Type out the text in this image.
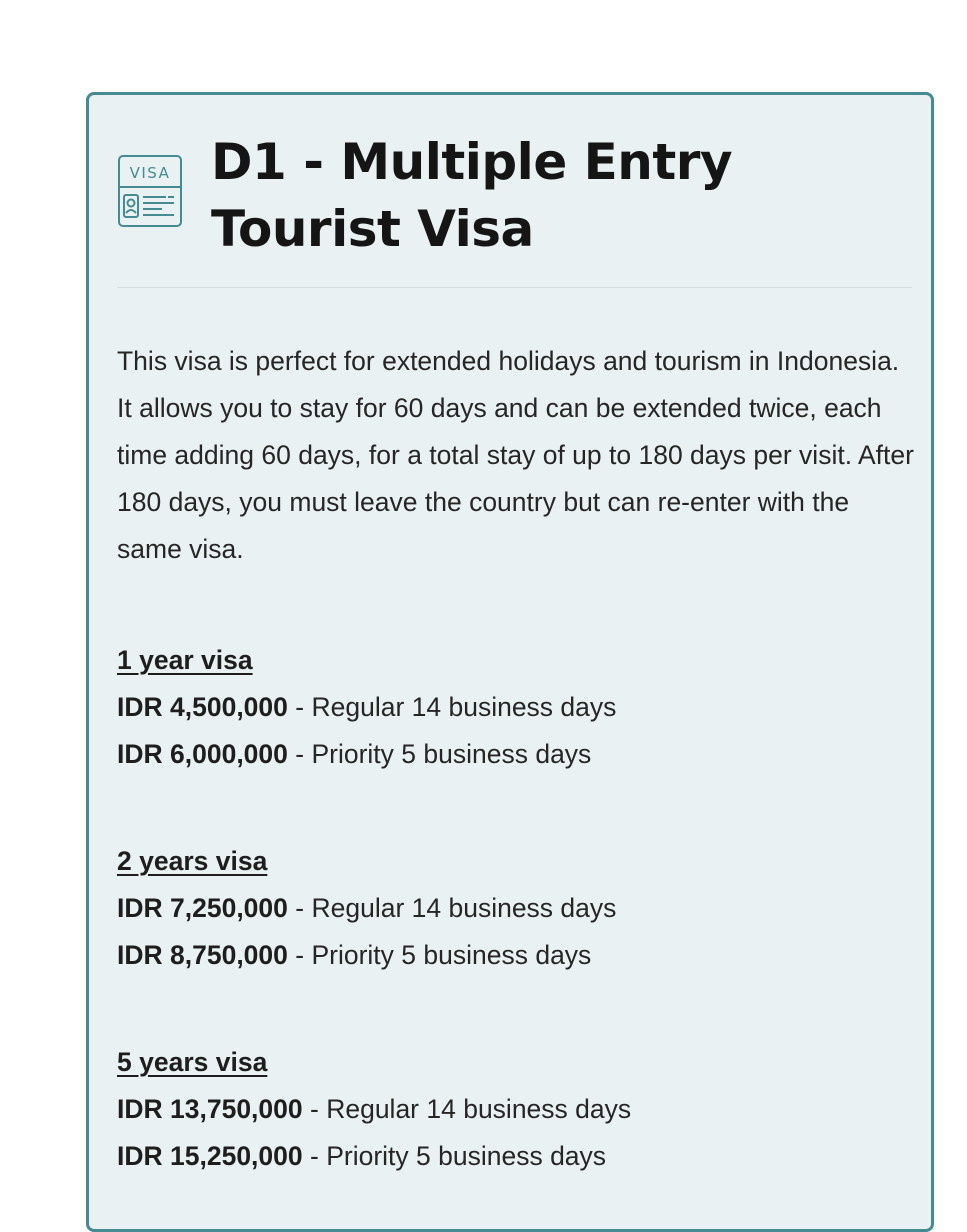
VISA D1 - Multiple Entry Tourist Visa

This visa is perfect for extended holidays and tourism in Indonesia. It allows you to stay for 60 days and can be extended twice, each time adding 60 days, for a total stay of up to 180 days per visit. After 180 days, you must leave the country but can re-enter with the same visa.

1 year visa
IDR 4,500,000 - Regular 14 business days
IDR 6,000,000 - Priority 5 business days
2 years visa
IDR 7,250,000 - Regular 14 business days
IDR 8,750,000 - Priority 5 business days
5 years visa
IDR 13,750,000 - Regular 14 business days
IDR 15,250,000 - Priority 5 business days
